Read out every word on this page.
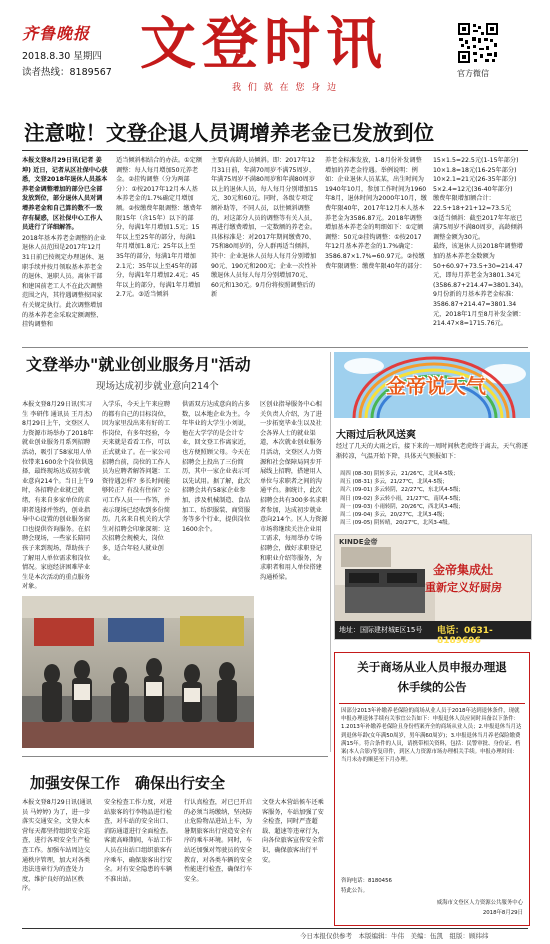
齐鲁晚报
2018.8.30 星期四
读者热线：8189567 文登时讯
我 们 就 在 您 身 边
官方微信
注意啦！文登企退人员调增养老金已发放到位

本报文登8月29日讯(记者 姜坤) 近日，记者从区社保中心获悉，文登2018年退休人员基本养老金调整增加的部分已全部发放到位，部分退休人员对调增养老金和自己算的数不一致存有疑惑，区社保中心工作人员进行了详细解答。

2018年基本养老金调整的企业退休人员范围是2017年12月31日前已按规定办理退休、退职手续并按月领取基本养老金的退休、退职人员。离休干部和建国前老工人不在此次调整范围之内，其待遇调整按国家有关规定执行。此次调整增加的基本养老金采取定额调整、挂钩调整和

适当倾斜相结合的办法。①定额调整：每人每月增加50元养老金。②挂钩调整（分为两部分）：①按2017年12月本人基本养老金的1.7%确定月增加额。②按缴费年限调整：缴费年限15年（含15年）以下的部分，每满1年月增加1.5元；15年以上至25年的部分，每满1年月增加1.8元；25年以上至35年的部分，每满1年月增加2.1元；35年以上至45年的部分，每满1年月增加2.4元；45年以上的部分，每满1年月增加2.7元。③适当倾斜
主要向高龄人员倾斜。即：2017年12月31日前，年满70周岁不满75周岁、年满75周岁不满80周岁和年满80周岁以上的退休人员，每人每月分别增加15元、30元和60元。同时，各级专项定额补助等，不同人员，以往倾斜调整的，对这部分人员的调整等有关人员，再进行缴费增加，一定数额的养老金。具体标准是：对2017年期间缴费70、75和80周岁的，分人群再适当倾斜，其中：企业退休人员每人每月分别增加90元、190元和200元；企业一次性补缴退休人员每人每月分别增加70元、60元和130元。9月份将按照调整后的新
养老金标准发放，1-8月份补发调整增加的养老金待遇。举例说明：例如：企业退休人员某某，出生时间为1940年10月，参加工作时间为1960年8月，退休时间为2000年10月，缴费年限40年，2017年12月本人基本养老金为3586.87元。2018年调整增加基本养老金的明细如下：①定额调整：50元②挂钩调整：①按2017年12月基本养老金的1.7%确定：3586.87×1.7%=60.97元。②按缴费年限调整：缴费年限40年的部分：
15×1.5=22.5元(1-15年部分)
10×1.8=18元(16-25年部分)
10×2.1=21元(26-35年部分)
5×2.4=12元(36-40年部分)
缴费年限增加额合计：22.5+18+21+12=73.5元
③适当倾斜：截至2017年年底已满75周岁不满80周岁，高龄倾斜调整金额为30元。
最终，该退休人员2018年调整增加的基本养老金数额为50+60.97+73.5+30=214.47元，即每月养老金为3801.34元(3586.87+214.47=3801.34)。9月份新的月基本养老金标准：3586.87+214.47=3801.34元，2018年1月至8月补发金额：214.47×8=1715.76元。
文登举办"就业创业服务月"活动
现场达成初步就业意向214个

本报文登8月29日讯(实习生 李研伟 通讯员 王月杰) 8月29日上午，文登区人力资源市场举办了2018年就业创业服务月系列招聘活动，吸引了58家用人单位带来1600余个岗位供选择，最终现场达成初步就业意向214个。当日上午9时，各招聘企业就已就绪，有来自多家单位的求职者选择并签约，创业指导中心设置的创业服务窗口也提供咨询服务。在招聘会现场，一些家长陪同孩子来到现场，帮助孩子了解用人单位需求和岗位情况。家庭经济困难毕业生是本次活动的重点服务对象。

入学乐，今天上午来应聘的都有自己的目标岗位，因为家里没出来有好的工作岗位，有多年经验，今天来就是看看工作，可以正式就业了。在一家公司招聘台前，岗位的工作人员为应聘者解答问题：工资待遇怎样？多长时间能够转正？有没有住宿？公司工作人员一一作答，并表示现场已经收到多份简历。几名来自机关的大学生对招聘会印象深刻：这次招聘会规模大，岗位多，适合年轻人就业创业。
供需双方达成意向的占多数，以本地企业为主。今年毕业的大学生小刘说，他在大学学的是会计专业，回文登工作离家近，也方便照顾父母。今天在招聘会上投出了三份简历，其中一家企业表示可以先试用。据了解，此次招聘会共有58家企业参加，涉及机械制造、食品加工、纺织服装、商贸服务等多个行业，提供岗位1600余个。
区创业指导服务中心相关负责人介绍，为了进一步拓宽毕业生以及社会各界人士的就业渠道，本次就业创业服务月活动，文登区人力资源和社会保障局同步开展线上招聘，搭建用人单位与求职者之间的沟通平台。据统计，此次招聘会共有300多名求职者参加，达成初步就业意向214个。区人力资源市场将继续关注企业用工需求，每周举办专场招聘会，做好求职登记和职业介绍等服务，为求职者和用人单位搭建沟通桥梁。
金帝说天气
大雨过后秋风送爽
经过了几天的大雨之后，接下来的一周时间秋老虎终于离去，天气将逐渐转凉，气温开始下降，具体天气预报如下：
周四 (08-30) 阴转多云，21/26℃，北风4-5级；
周五 (08-31) 多云，21/27℃，北风4-5级；
周六 (09-01) 多云转阴，22/27℃，东北风4-5级；
周日 (09-02) 多云转小雨，21/27℃，南风4-5级；
周一 (09-03) 小雨转阴，20/26℃，西北风3-4级；
周二 (09-04) 多云，20/27℃，北风3-4级；
周三 (09-05) 阴转晴，20/27℃，北风3-4级。
KINDE金帝
金帝集成灶
重新定义好厨房
地址：国际建材城E区15号 电话：0631-8189696
关于商场从业人员申报办理退休手续的公告
因部分2013年补缴养老保险的商场从业人员于2018年达到退休条件，现就申报办理退休手续有关事宜公告如下：申报退休人员应同时具备以下条件：1.2013年补缴养老保险且身份档案齐全的商场从业人员；2.申报退休当月达到退休年龄(女年满50周岁，男年满60周岁)；3.申报退休当月养老保险缴费满15年。符合条件的人员，请携带相关资料，包括：民警审批、身份证、档案(本人合影)等复印件，到区人力资源市场办理相关手续。申报办理时间：当月未办的顺延至下月办理。
咨询电话：8180456
特此公告。
威海市文登区人力资源公共服务中心
2018年8月29日
加强安保工作　确保出行安全
本报文登8月29日讯(通讯员 马婷婷) 为了，进一步落实交通安全，文登大本营每天都坚持组织安全巡查，进行各项安全生产检查工作。加强车站周边交通秩序管理，加大对各类违法违章行为的查处力度，维护良好的站区秩序。
安全检查工作力度，对进站旅客的行李物品进行检查，对车站的安全出口、消防通道进行全面检查。客流高峰期间，车站工作人员在出站口组织旅客有序乘车，确保旅客出行安全。对有安全隐患的车辆不准出站。
行认真检查，对已已开启的必须当场缴纳，坚决防止危险物品进站上车，为暑期旅客出行营造安全有序的乘车环境。同时，车站还加强对驾驶员的安全教育，对各类车辆的安全性能进行检查，确保行车安全。
文登大本营站候车还乘客服务，车站加强了安全检查，同时严查超载、超速等违章行为，向各位旅客宣传安全常识，确保旅客出行平安。
今日本报仅供参考　本版编辑：牛伟　美编：伍凯　组版：顾纬纬
